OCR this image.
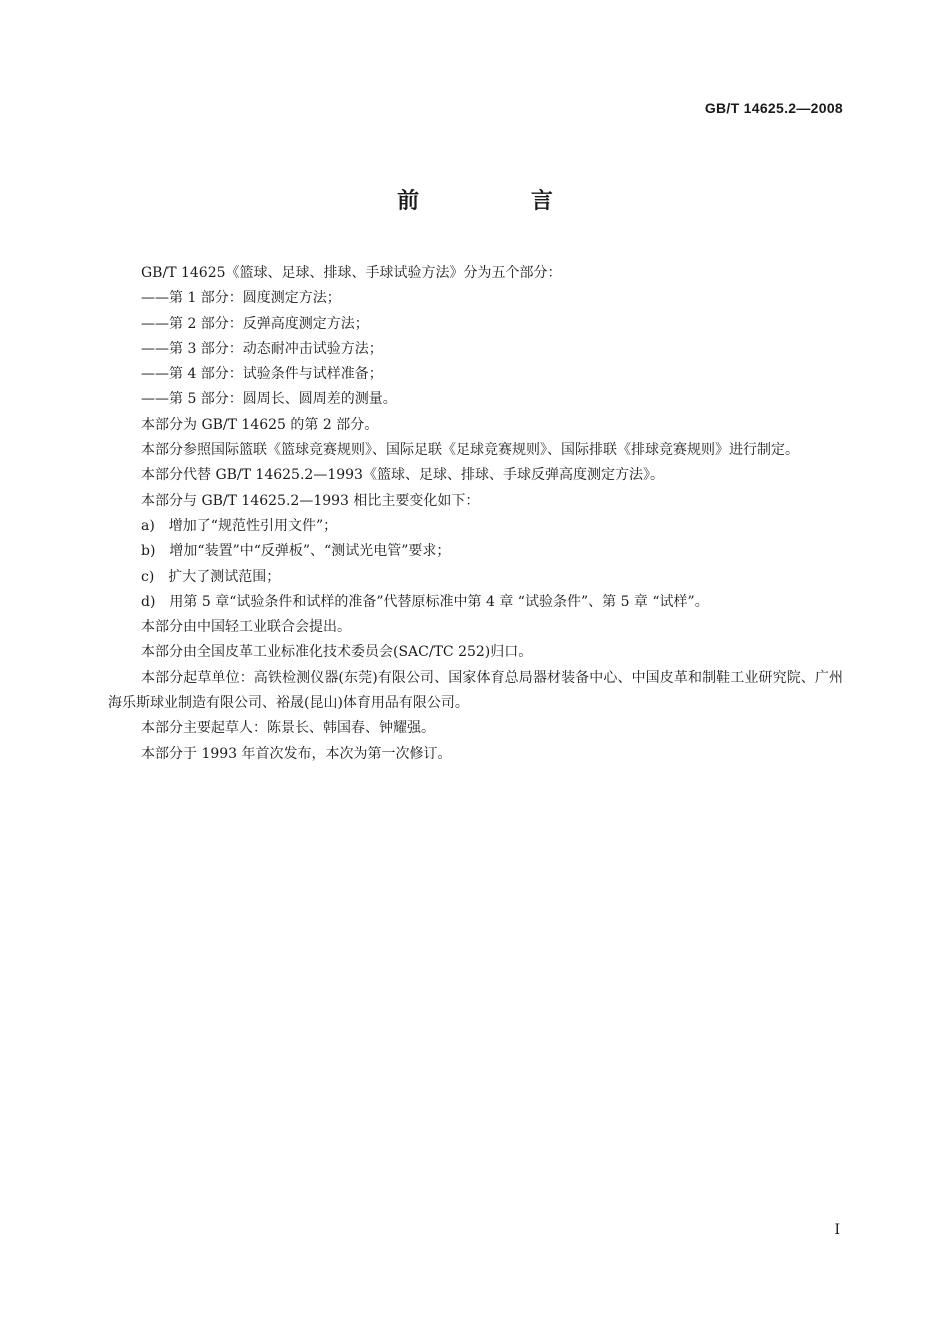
GB/T 14625.2—2008
前 言

GB/T 14625《篮球、足球、排球、手球试验方法》分为五个部分：

——第 1 部分：圆度测定方法；

——第 2 部分：反弹高度测定方法；

——第 3 部分：动态耐冲击试验方法；

——第 4 部分：试验条件与试样准备；

——第 5 部分：圆周长、圆周差的测量。

本部分为 GB/T 14625 的第 2 部分。

本部分参照国际篮联《篮球竞赛规则》、国际足联《足球竞赛规则》、国际排联《排球竞赛规则》进行制定。

本部分代替 GB/T 14625.2—1993《篮球、足球、排球、手球反弹高度测定方法》。

本部分与 GB/T 14625.2—1993 相比主要变化如下：

a)　增加了“规范性引用文件”；

b)　增加“装置”中“反弹板”、“测试光电管”要求；

c)　扩大了测试范围；

d)　用第 5 章“试验条件和试样的准备”代替原标准中第 4 章 “试验条件”、第 5 章 “试样”。

本部分由中国轻工业联合会提出。

本部分由全国皮革工业标准化技术委员会(SAC/TC 252)归口。

本部分起草单位：高铁检测仪器(东莞)有限公司、国家体育总局器材装备中心、中国皮革和制鞋工业研究院、广州海乐斯球业制造有限公司、裕晟(昆山)体育用品有限公司。

本部分主要起草人：陈景长、韩国春、钟耀强。

本部分于 1993 年首次发布，本次为第一次修订。

I
